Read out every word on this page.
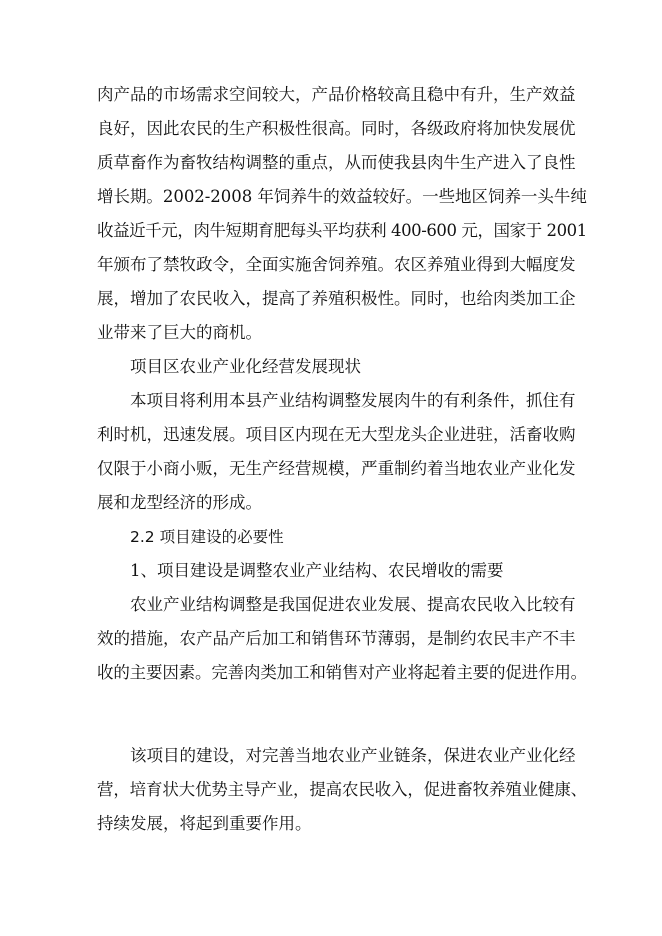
肉产品的市场需求空间较大，产品价格较高且稳中有升，生产效益
良好，因此农民的生产积极性很高。同时，各级政府将加快发展优
质草畜作为畜牧结构调整的重点，从而使我县肉牛生产进入了良性
增长期。2002-2008 年饲养牛的效益较好。一些地区饲养一头牛纯
收益近千元，肉牛短期育肥每头平均获利 400-600 元，国家于 2001
年颁布了禁牧政令，全面实施舍饲养殖。农区养殖业得到大幅度发
展，增加了农民收入，提高了养殖积极性。同时，也给肉类加工企
业带来了巨大的商机。
项目区农业产业化经营发展现状
本项目将利用本县产业结构调整发展肉牛的有利条件，抓住有
利时机，迅速发展。项目区内现在无大型龙头企业进驻，活畜收购
仅限于小商小贩，无生产经营规模，严重制约着当地农业产业化发
展和龙型经济的形成。
2.2 项目建设的必要性
1、项目建设是调整农业产业结构、农民增收的需要
农业产业结构调整是我国促进农业发展、提高农民收入比较有
效的措施，农产品产后加工和销售环节薄弱，是制约农民丰产不丰
收的主要因素。完善肉类加工和销售对产业将起着主要的促进作用。
该项目的建设，对完善当地农业产业链条，保进农业产业化经
营，培育状大优势主导产业，提高农民收入，促进畜牧养殖业健康、
持续发展，将起到重要作用。
